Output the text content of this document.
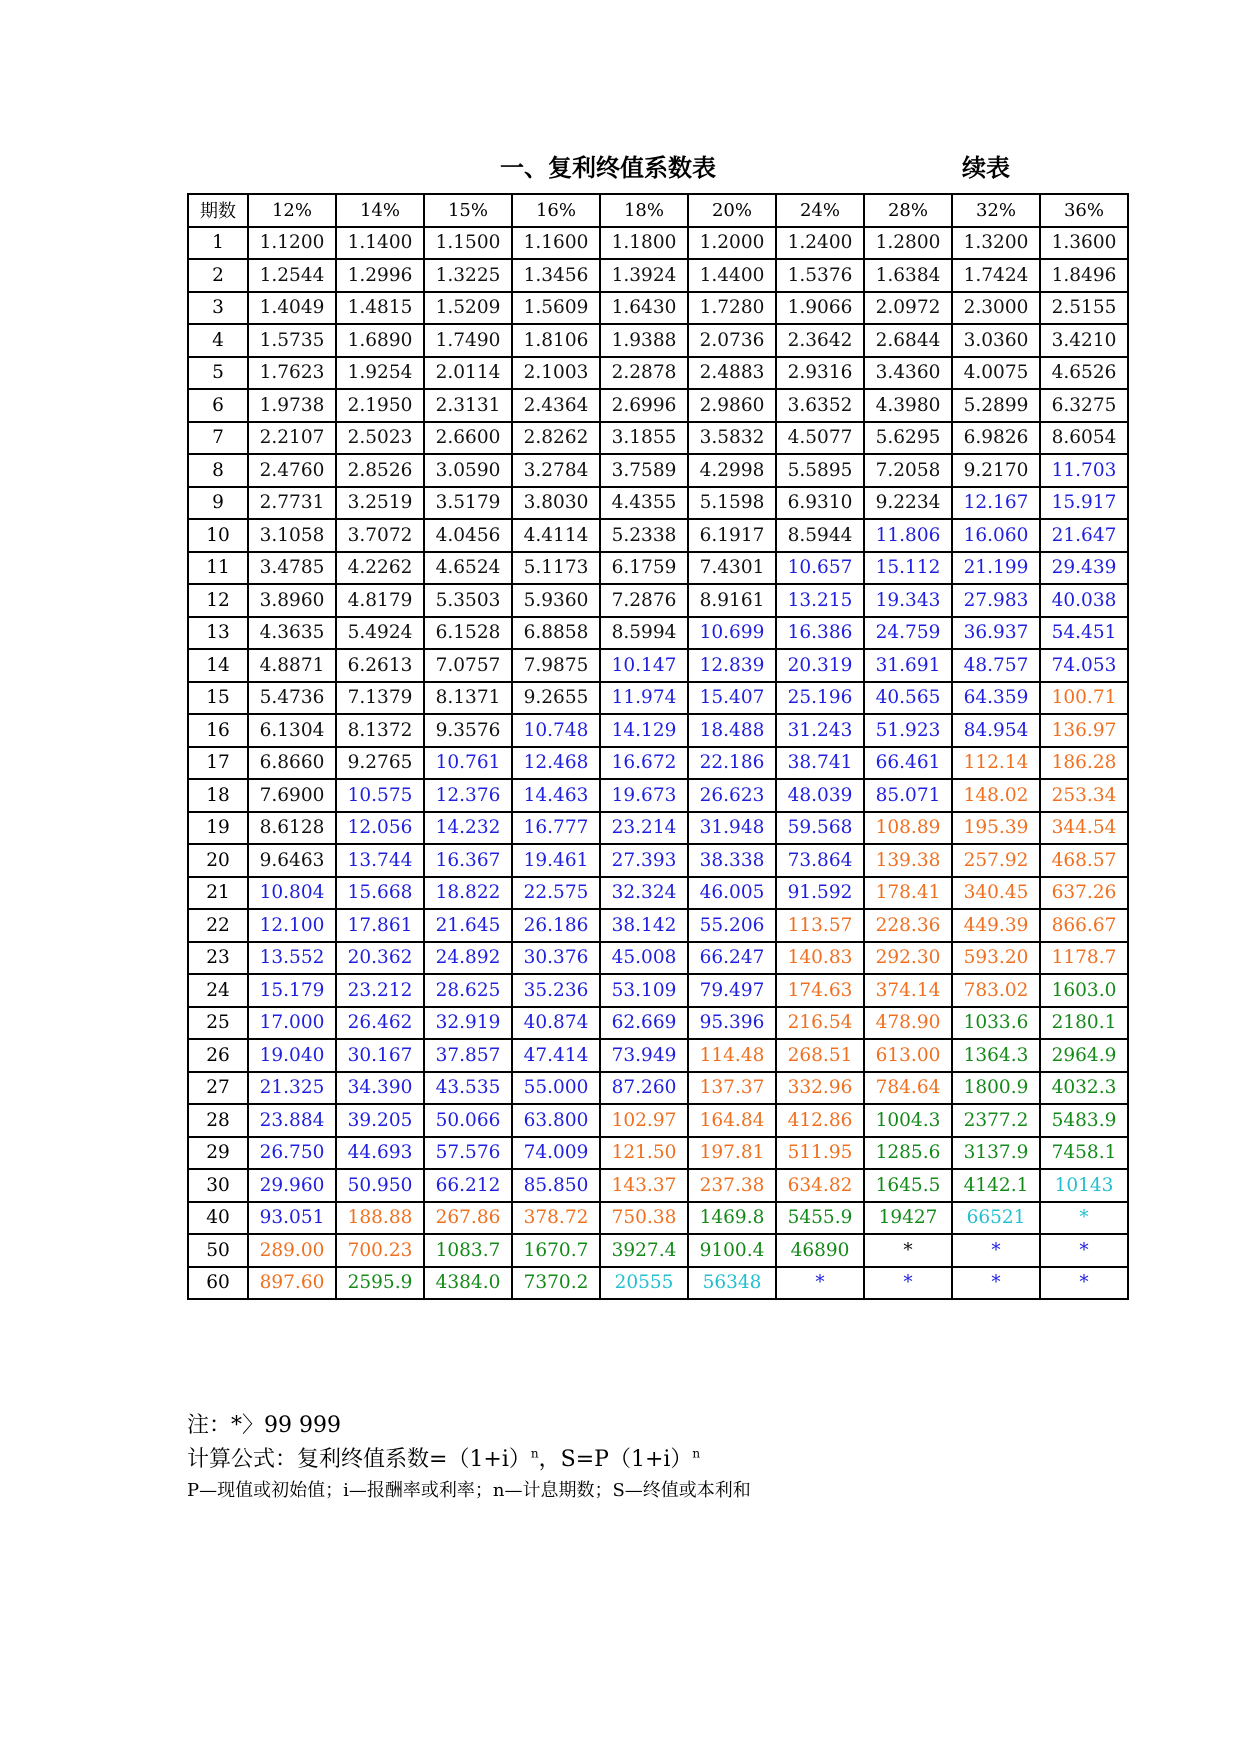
一、复利终值系数表	续表
期数	12%	14%	15%	16%	18%	20%	24%	28%	32%	36%
1	1.1200	1.1400	1.1500	1.1600	1.1800	1.2000	1.2400	1.2800	1.3200	1.3600
2	1.2544	1.2996	1.3225	1.3456	1.3924	1.4400	1.5376	1.6384	1.7424	1.8496
3	1.4049	1.4815	1.5209	1.5609	1.6430	1.7280	1.9066	2.0972	2.3000	2.5155
4	1.5735	1.6890	1.7490	1.8106	1.9388	2.0736	2.3642	2.6844	3.0360	3.4210
5	1.7623	1.9254	2.0114	2.1003	2.2878	2.4883	2.9316	3.4360	4.0075	4.6526
6	1.9738	2.1950	2.3131	2.4364	2.6996	2.9860	3.6352	4.3980	5.2899	6.3275
7	2.2107	2.5023	2.6600	2.8262	3.1855	3.5832	4.5077	5.6295	6.9826	8.6054
8	2.4760	2.8526	3.0590	3.2784	3.7589	4.2998	5.5895	7.2058	9.2170	11.703
9	2.7731	3.2519	3.5179	3.8030	4.4355	5.1598	6.9310	9.2234	12.167	15.917
10	3.1058	3.7072	4.0456	4.4114	5.2338	6.1917	8.5944	11.806	16.060	21.647
11	3.4785	4.2262	4.6524	5.1173	6.1759	7.4301	10.657	15.112	21.199	29.439
12	3.8960	4.8179	5.3503	5.9360	7.2876	8.9161	13.215	19.343	27.983	40.038
13	4.3635	5.4924	6.1528	6.8858	8.5994	10.699	16.386	24.759	36.937	54.451
14	4.8871	6.2613	7.0757	7.9875	10.147	12.839	20.319	31.691	48.757	74.053
15	5.4736	7.1379	8.1371	9.2655	11.974	15.407	25.196	40.565	64.359	100.71
16	6.1304	8.1372	9.3576	10.748	14.129	18.488	31.243	51.923	84.954	136.97
17	6.8660	9.2765	10.761	12.468	16.672	22.186	38.741	66.461	112.14	186.28
18	7.6900	10.575	12.376	14.463	19.673	26.623	48.039	85.071	148.02	253.34
19	8.6128	12.056	14.232	16.777	23.214	31.948	59.568	108.89	195.39	344.54
20	9.6463	13.744	16.367	19.461	27.393	38.338	73.864	139.38	257.92	468.57
21	10.804	15.668	18.822	22.575	32.324	46.005	91.592	178.41	340.45	637.26
22	12.100	17.861	21.645	26.186	38.142	55.206	113.57	228.36	449.39	866.67
23	13.552	20.362	24.892	30.376	45.008	66.247	140.83	292.30	593.20	1178.7
24	15.179	23.212	28.625	35.236	53.109	79.497	174.63	374.14	783.02	1603.0
25	17.000	26.462	32.919	40.874	62.669	95.396	216.54	478.90	1033.6	2180.1
26	19.040	30.167	37.857	47.414	73.949	114.48	268.51	613.00	1364.3	2964.9
27	21.325	34.390	43.535	55.000	87.260	137.37	332.96	784.64	1800.9	4032.3
28	23.884	39.205	50.066	63.800	102.97	164.84	412.86	1004.3	2377.2	5483.9
29	26.750	44.693	57.576	74.009	121.50	197.81	511.95	1285.6	3137.9	7458.1
30	29.960	50.950	66.212	85.850	143.37	237.38	634.82	1645.5	4142.1	10143
40	93.051	188.88	267.86	378.72	750.38	1469.8	5455.9	19427	66521	*
50	289.00	700.23	1083.7	1670.7	3927.4	9100.4	46890	*	*	*
60	897.60	2595.9	4384.0	7370.2	20555	56348	*	*	*	*
注：*〉99 999
计算公式：复利终值系数$=(1+i)^n$，$S=P(1+i)^n$
P—现值或初始值；i—报酬率或利率；n—计息期数；S—终值或本利和
